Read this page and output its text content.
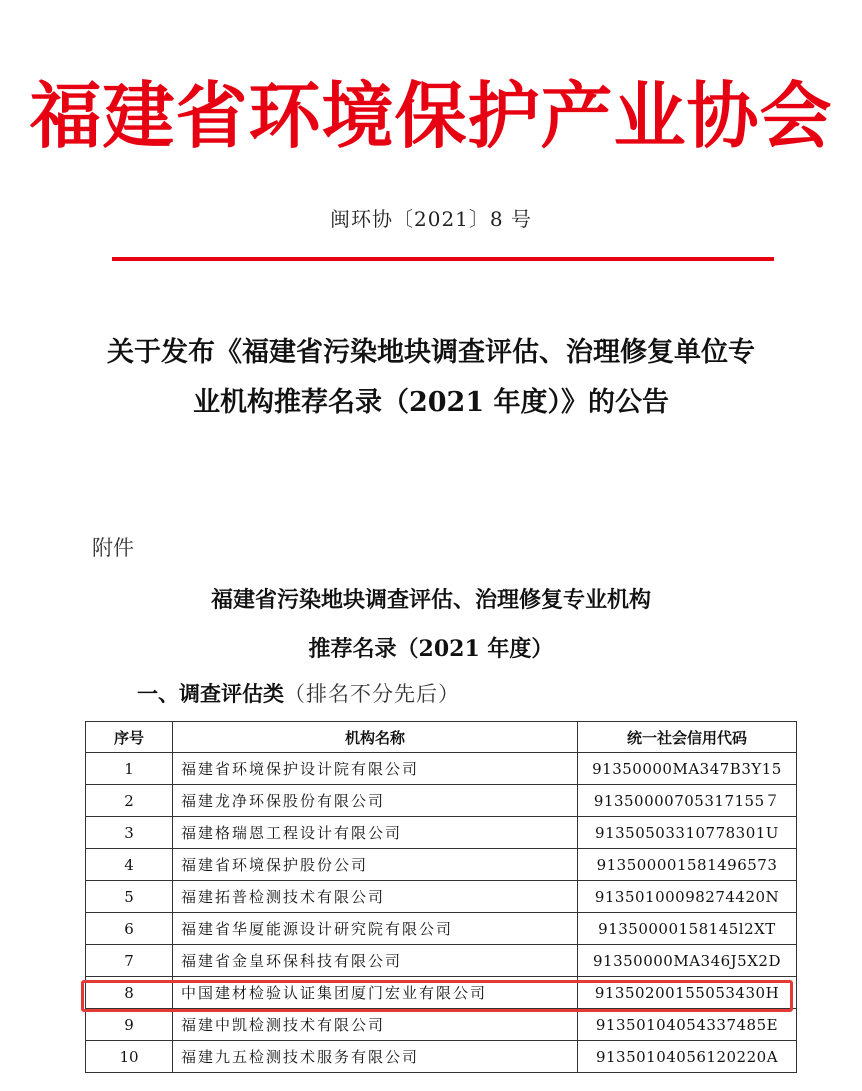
福建省环境保护产业协会
闽环协〔2021〕8 号
关于发布《福建省污染地块调查评估、治理修复单位专
业机构推荐名录（2021 年度）》的公告
附件
福建省污染地块调查评估、治理修复专业机构
推荐名录（2021 年度）
一、调查评估类（排名不分先后）
序号	机构名称	统一社会信用代码
1	福建省环境保护设计院有限公司	91350000MA347B3Y15
2	福建龙净环保股份有限公司	91350000705317155７
3	福建格瑞恩工程设计有限公司	91350503310778301U
4	福建省环境保护股份公司	913500001581496573
5	福建拓普检测技术有限公司	91350100098274420N
6	福建省华厦能源设计研究院有限公司	91350000158145l2XT
7	福建省金皇环保科技有限公司	91350000MA346J5X2D
8	中国建材检验认证集团厦门宏业有限公司	91350200155053430H
9	福建中凯检测技术有限公司	91350104054337485E
10	福建九五检测技术服务有限公司	91350104056120220A
